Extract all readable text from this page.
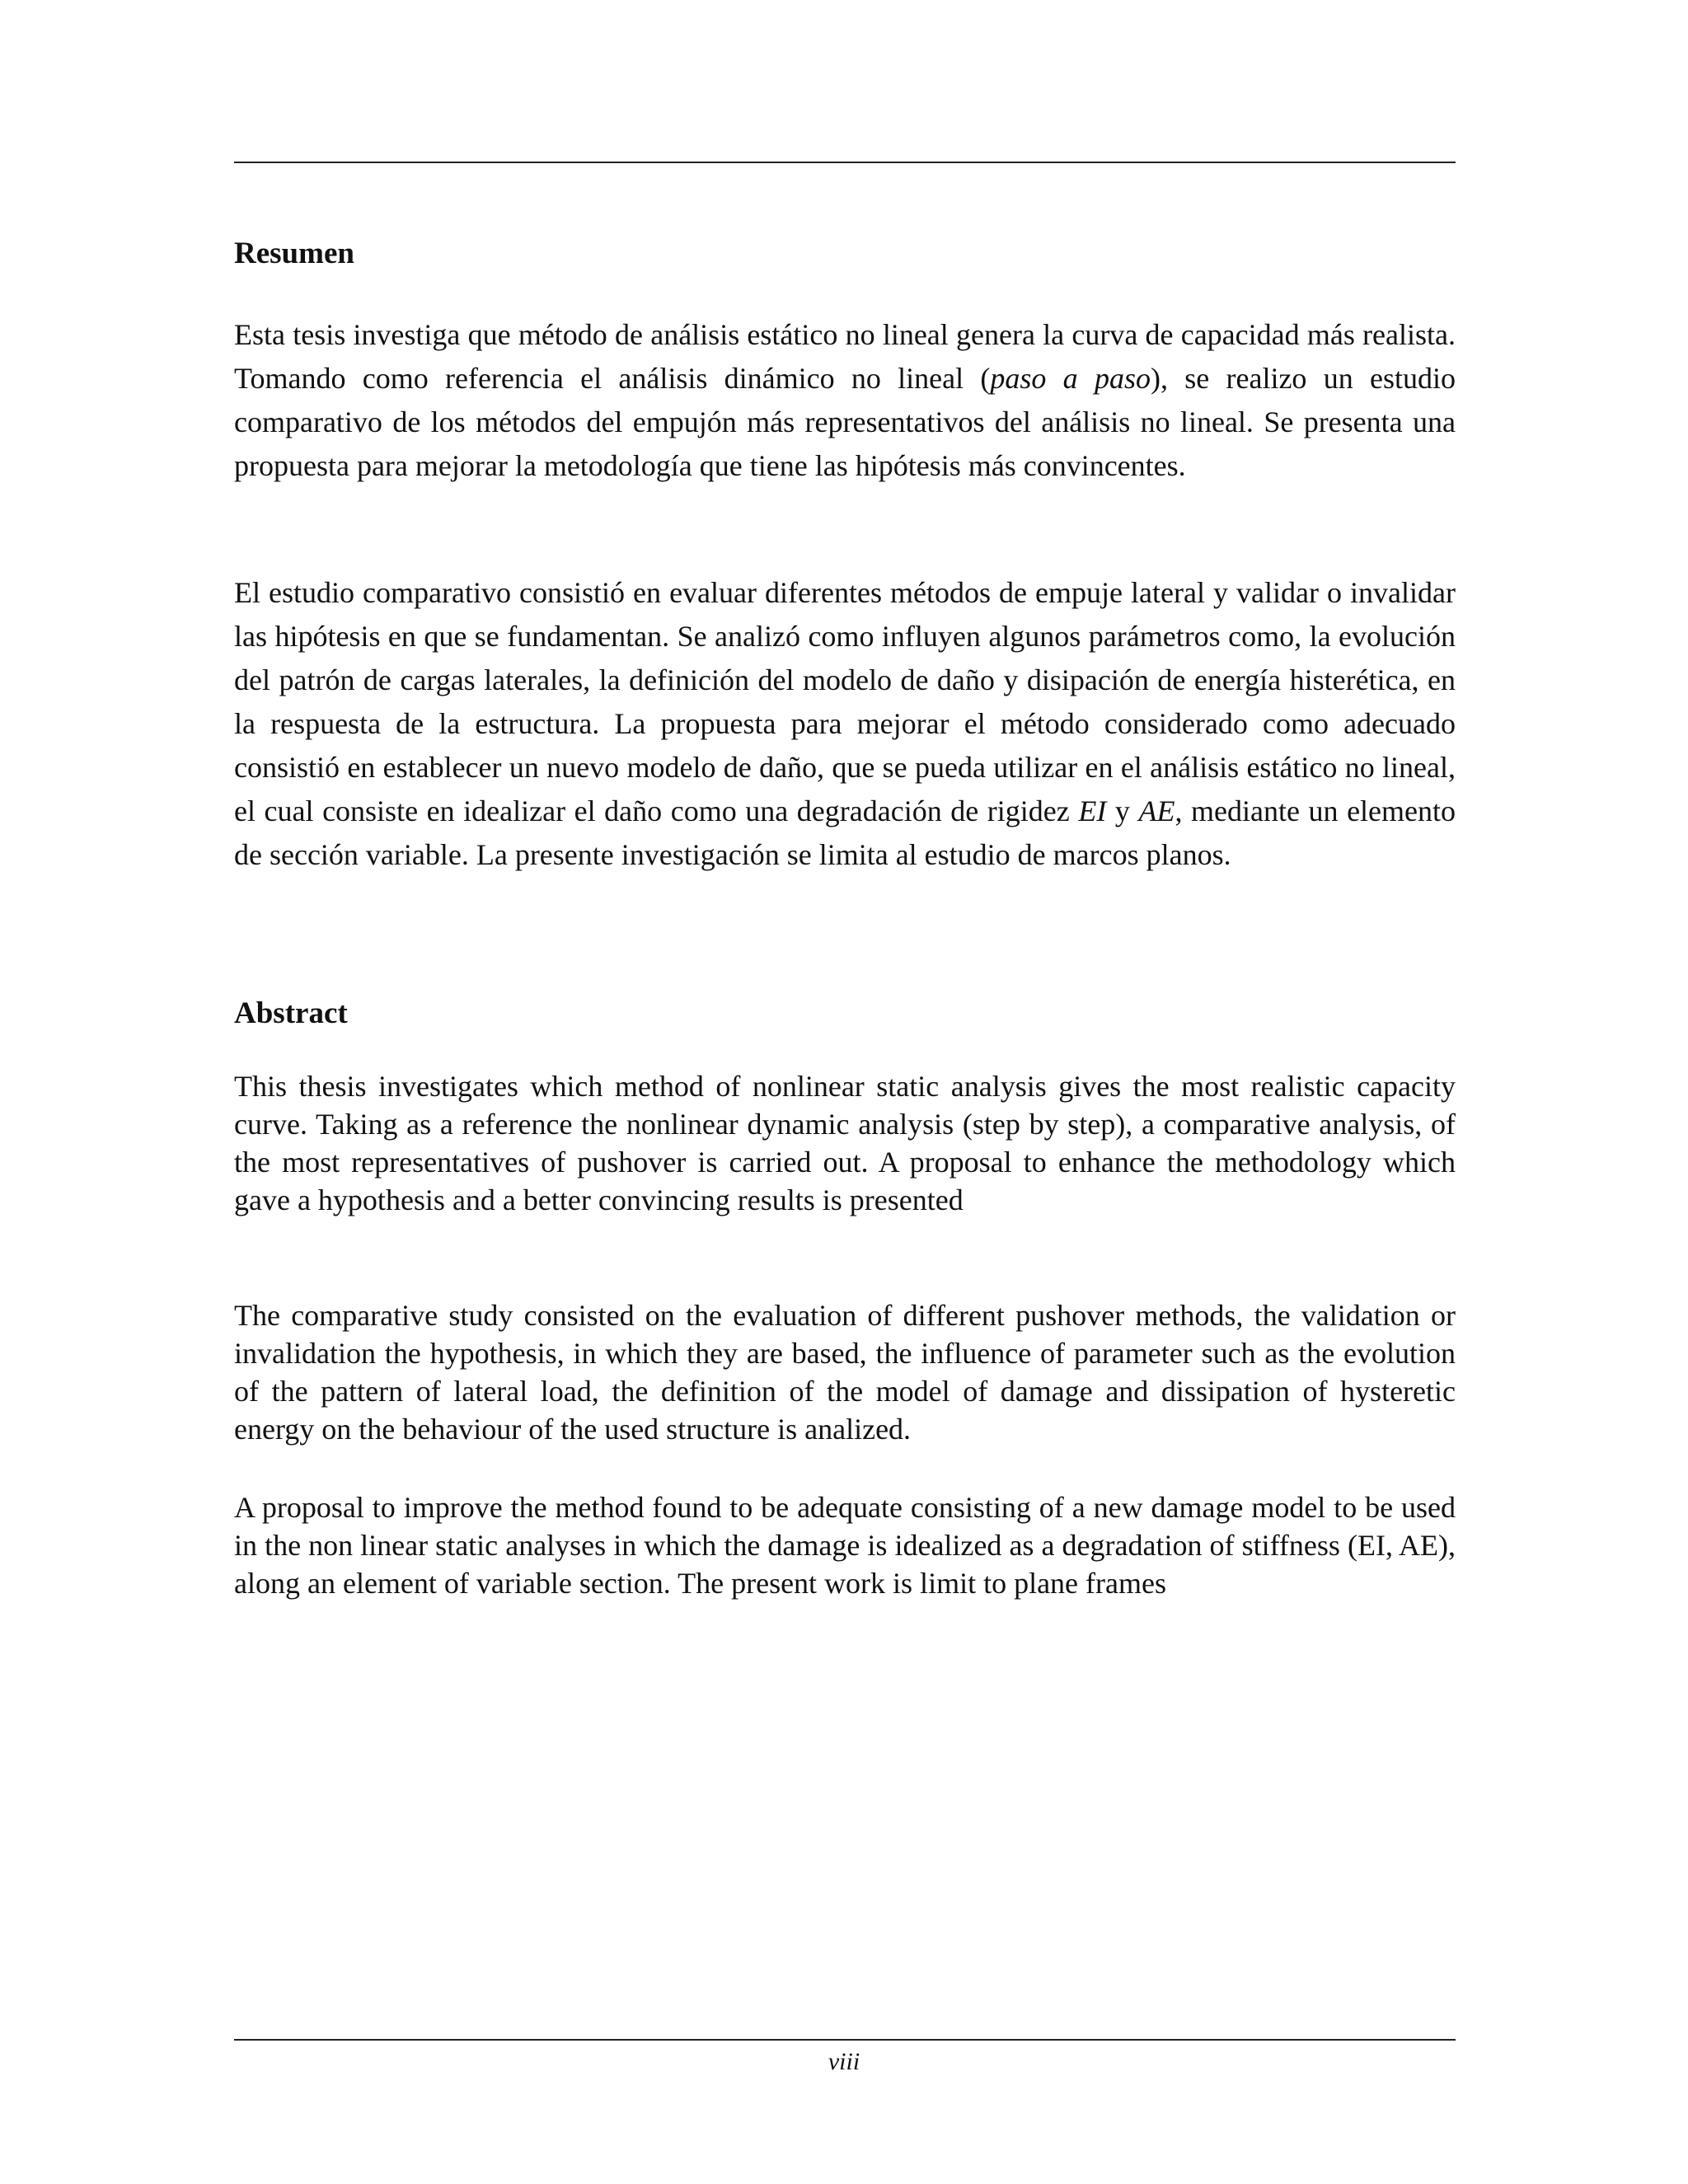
Resumen

Esta tesis investiga que método de análisis estático no lineal genera la curva de capacidad más realista. Tomando como referencia el análisis dinámico no lineal (paso a paso), se realizo un estudio comparativo de los métodos del empujón más representativos del análisis no lineal. Se presenta una propuesta para mejorar la metodología que tiene las hipótesis más convincentes.

El estudio comparativo consistió en evaluar diferentes métodos de empuje lateral y validar o invalidar las hipótesis en que se fundamentan. Se analizó como influyen algunos parámetros como, la evolución del patrón de cargas laterales, la definición del modelo de daño y disipación de energía histerética, en la respuesta de la estructura. La propuesta para mejorar el método considerado como adecuado consistió en establecer un nuevo modelo de daño, que se pueda utilizar en el análisis estático no lineal, el cual consiste en idealizar el daño como una degradación de rigidez EI y AE, mediante un elemento de sección variable. La presente investigación se limita al estudio de marcos planos.

Abstract

This thesis investigates which method of nonlinear static analysis gives the most realistic capacity curve. Taking as a reference the nonlinear dynamic analysis (step by step), a comparative analysis, of the most representatives of pushover is carried out. A proposal to enhance the methodology which gave a hypothesis and a better convincing results is presented

The comparative study consisted on the evaluation of different pushover methods, the validation or invalidation the hypothesis, in which they are based, the influence of parameter such as the evolution of the pattern of lateral load, the definition of the model of damage and dissipation of hysteretic energy on the behaviour of the used structure is analized.

A proposal to improve the method found to be adequate consisting of a new damage model to be used in the non linear static analyses in which the damage is idealized as a degradation of stiffness (EI, AE), along an element of variable section. The present work is limit to plane frames

viii
